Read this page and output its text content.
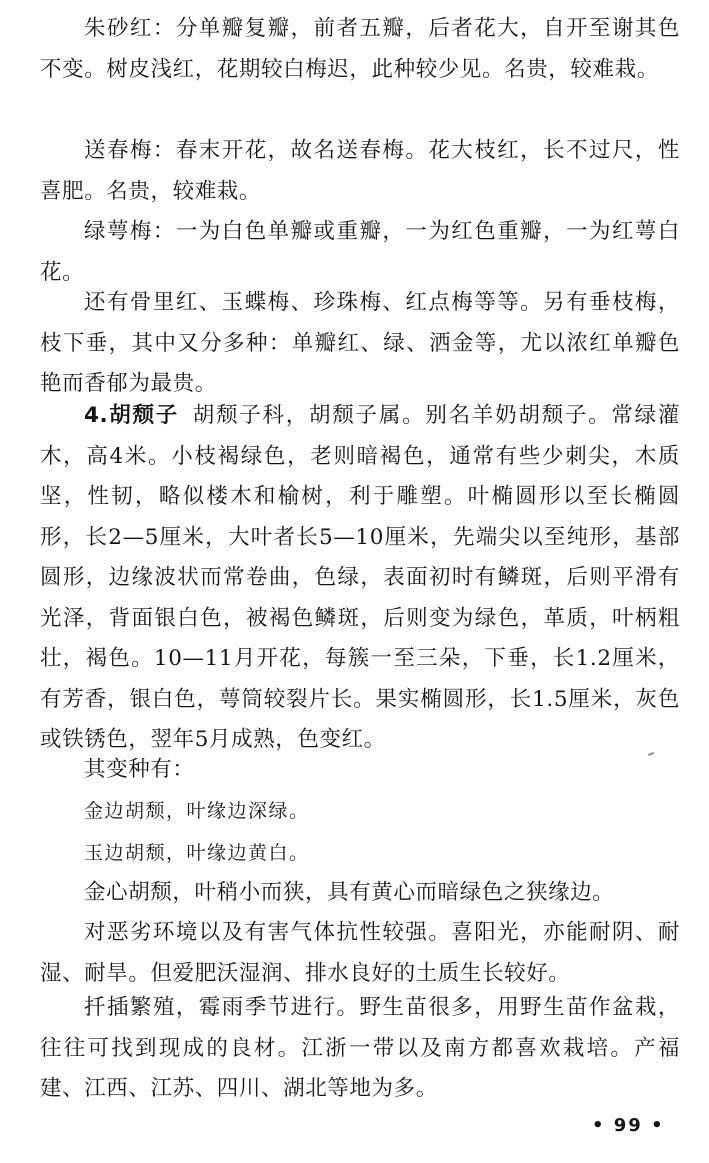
朱砂红：分单瓣复瓣，前者五瓣，后者花大，自开至谢其色不变。树皮浅红，花期较白梅迟，此种较少见。名贵，较难栽。

送春梅：春末开花，故名送春梅。花大枝红，长不过尺，性喜肥。名贵，较难栽。

绿萼梅：一为白色单瓣或重瓣，一为红色重瓣，一为红萼白花。

还有骨里红、玉蝶梅、珍珠梅、红点梅等等。另有垂枝梅，枝下垂，其中又分多种：单瓣红、绿、洒金等，尤以浓红单瓣色艳而香郁为最贵。

4.胡颓子 胡颓子科，胡颓子属。别名羊奶胡颓子。常绿灌木，高4米。小枝褐绿色，老则暗褐色，通常有些少刺尖，木质坚，性韧，略似楼木和榆树，利于雕塑。叶椭圆形以至长椭圆形，长2—5厘米，大叶者长5—10厘米，先端尖以至纯形，基部圆形，边缘波状而常卷曲，色绿，表面初时有鳞斑，后则平滑有光泽，背面银白色，被褐色鳞斑，后则变为绿色，革质，叶柄粗壮，褐色。10—11月开花，每簇一至三朵，下垂，长1.2厘米，有芳香，银白色，萼筒较裂片长。果实椭圆形，长1.5厘米，灰色或铁锈色，翌年5月成熟，色变红。

其变种有：

金边胡颓，叶缘边深绿。

玉边胡颓，叶缘边黄白。

金心胡颓，叶稍小而狭，具有黄心而暗绿色之狭缘边。

对恶劣环境以及有害气体抗性较强。喜阳光，亦能耐阴、耐湿、耐旱。但爱肥沃湿润、排水良好的土质生长较好。

扦插繁殖，霉雨季节进行。野生苗很多，用野生苗作盆栽，往往可找到现成的良材。江浙一带以及南方都喜欢栽培。产福建、江西、江苏、四川、湖北等地为多。

• 99 •
